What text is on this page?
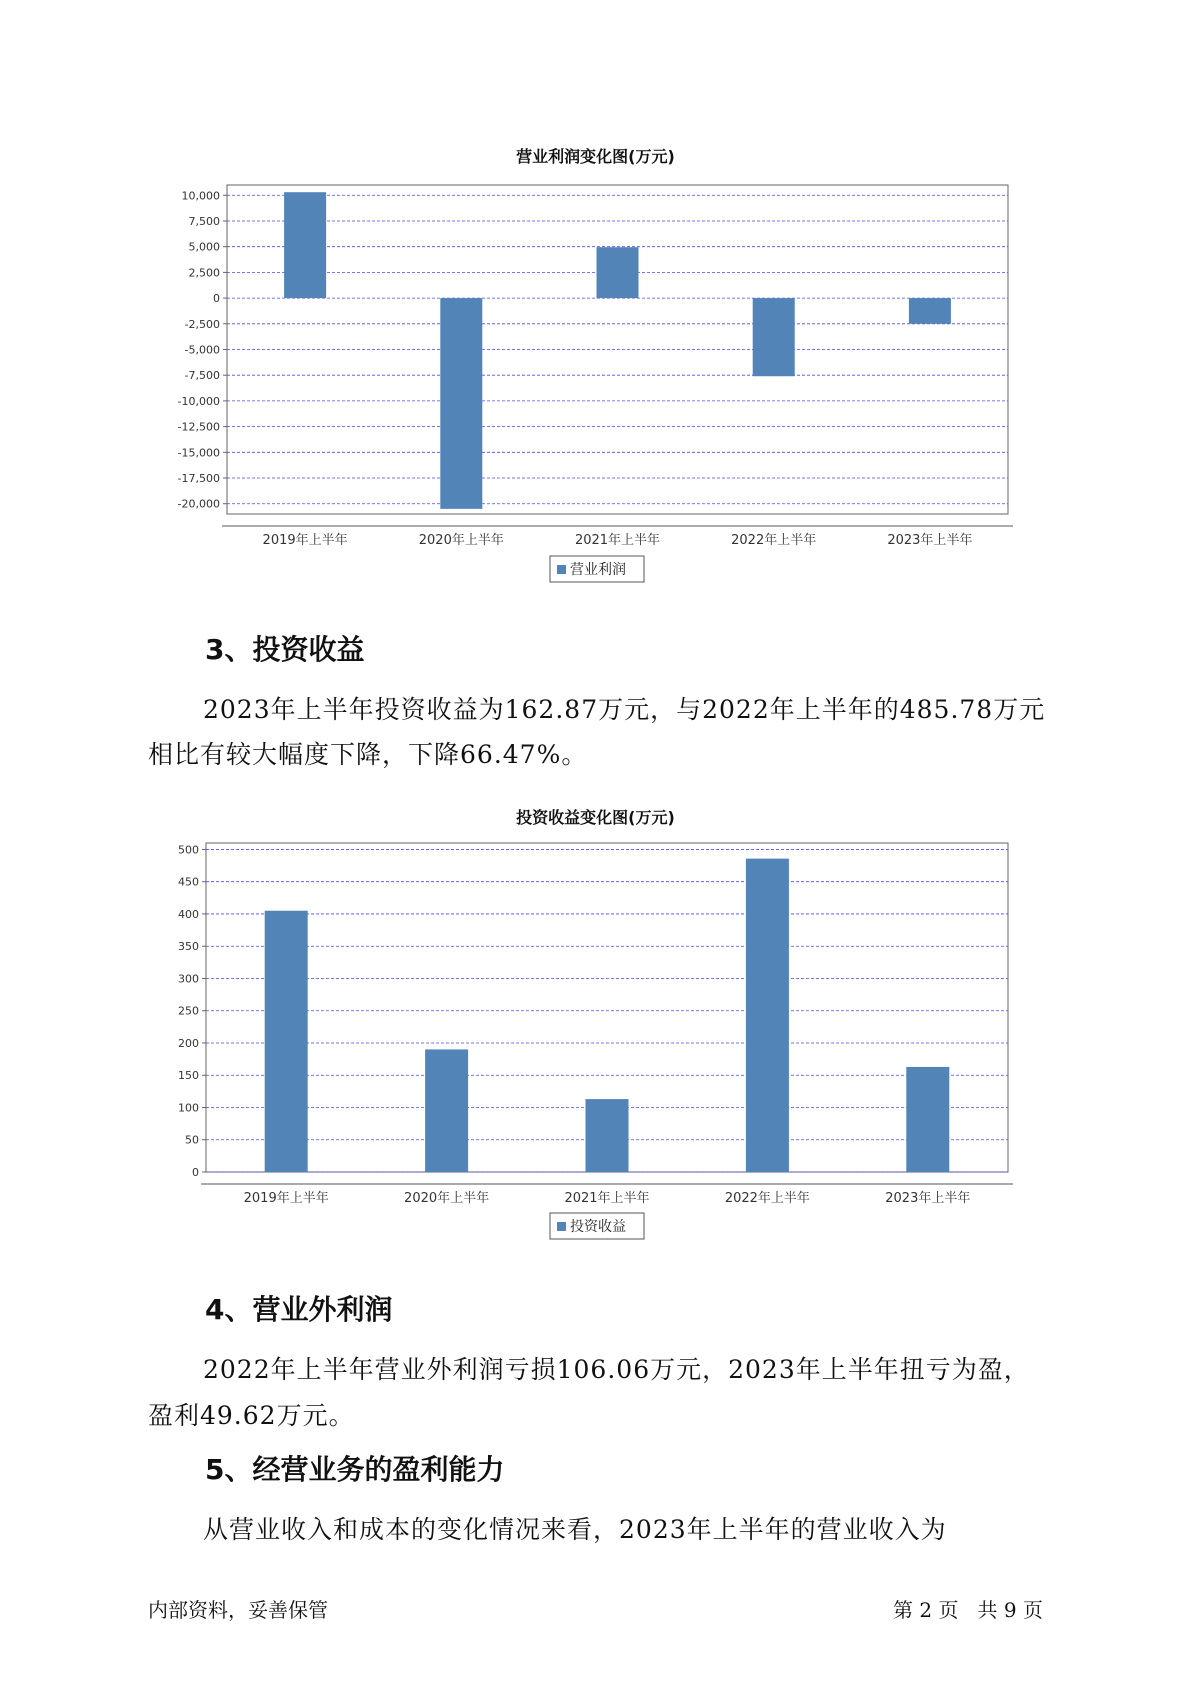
营业利润变化图(万元)
10,000
7,500
5,000
2,500
0
-2,500
-5,000
-7,500
-10,000
-12,500
-15,000
-17,500
-20,000
2019年上半年	2020年上半年	2021年上半年	2022年上半年	2023年上半年
营业利润
3、投资收益
2023年上半年投资收益为162.87万元，与2022年上半年的485.78万元
相比有较大幅度下降，下降66.47%。
投资收益变化图(万元)
500
450
400
350
300
250
200
150
100
50
0
2019年上半年	2020年上半年	2021年上半年	2022年上半年	2023年上半年
投资收益
4、营业外利润
2022年上半年营业外利润亏损106.06万元，2023年上半年扭亏为盈，
盈利49.62万元。
5、经营业务的盈利能力
从营业收入和成本的变化情况来看，2023年上半年的营业收入为
内部资料，妥善保管	第 2 页   共 9 页
